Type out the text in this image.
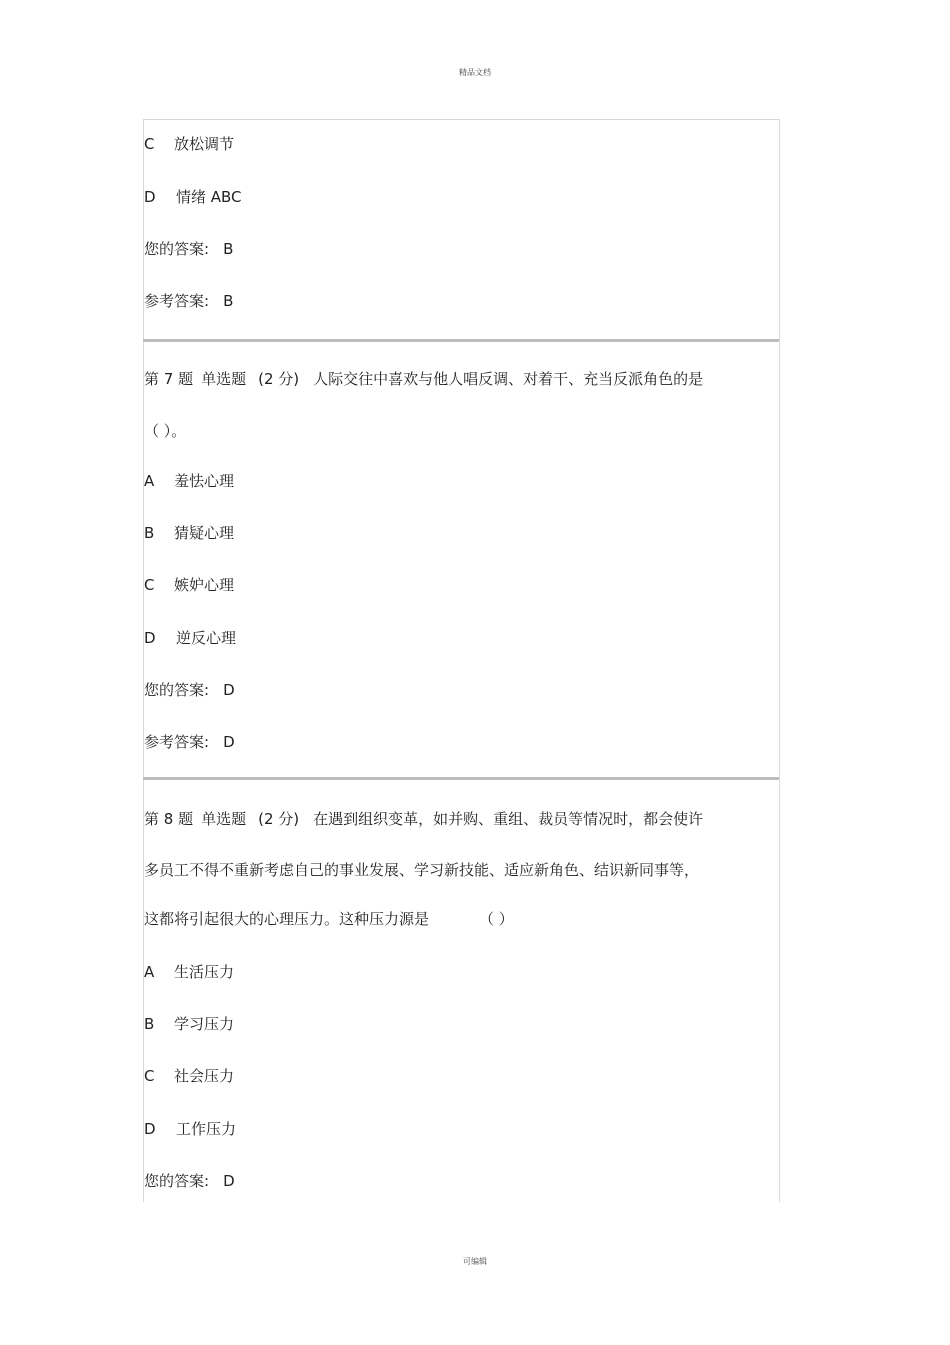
精品文档
C 放松调节
D 情绪 ABC
您的答案: B
参考答案: B
第 7 题 单选题 (2 分) 人际交往中喜欢与他人唱反调、对着干、充当反派角色的是
（ ）。
A 羞怯心理
B 猜疑心理
C 嫉妒心理
D 逆反心理
您的答案: D
参考答案: D
第 8 题 单选题 (2 分) 在遇到组织变革，如并购、重组、裁员等情况时，都会使许
多员工不得不重新考虑自己的事业发展、学习新技能、适应新角色、结识新同事等，
这都将引起很大的心理压力。这种压力源是	（ ）
A 生活压力
B 学习压力
C 社会压力
D 工作压力
您的答案: D
可编辑
